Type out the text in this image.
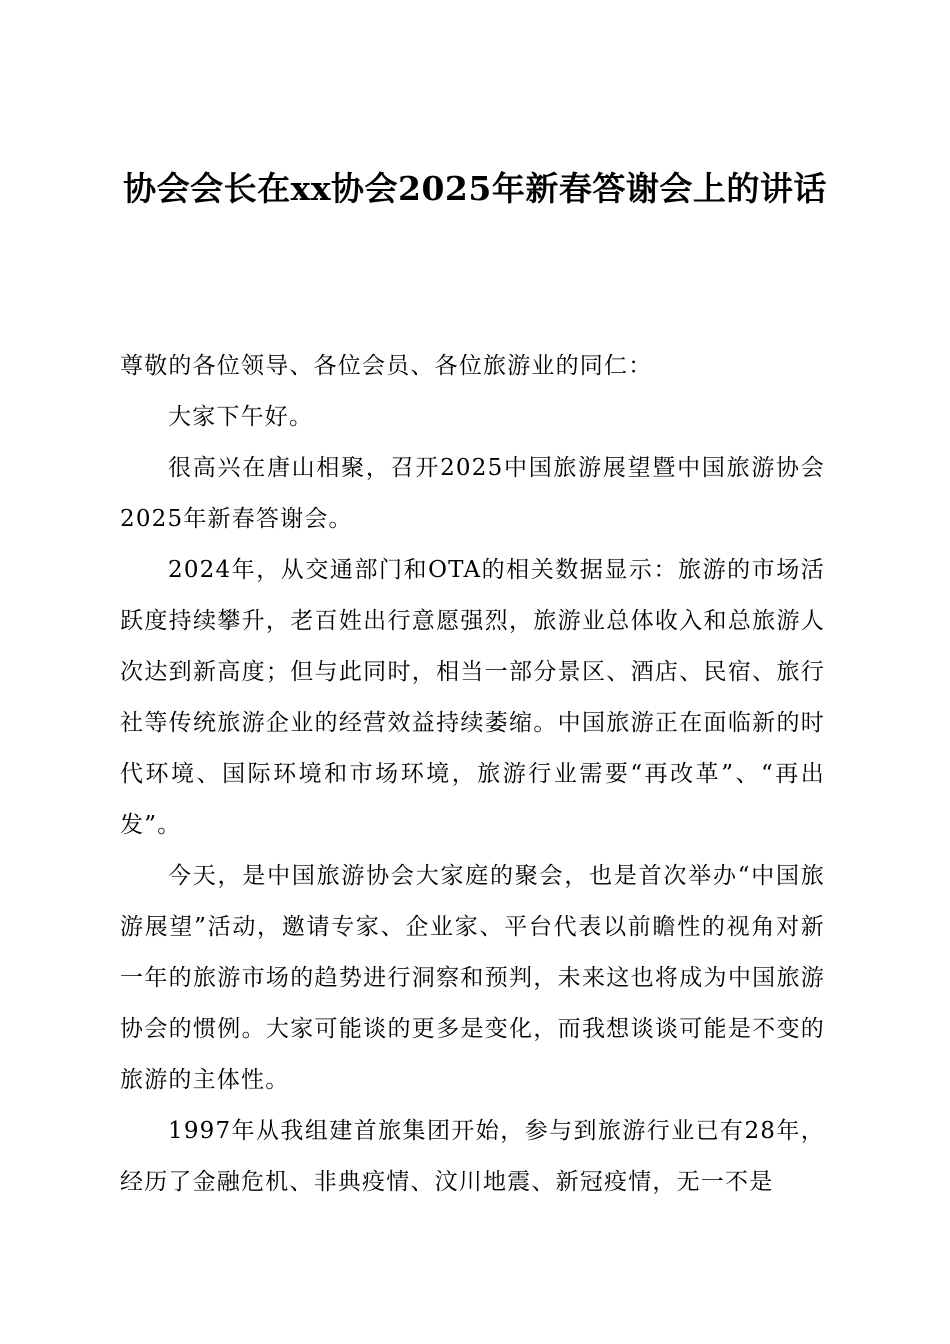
协会会长在xx协会2025年新春答谢会上的讲话

尊敬的各位领导、各位会员、各位旅游业的同仁：

大家下午好。

很高兴在唐山相聚，召开2025中国旅游展望暨中国旅游协会2025年新春答谢会。

2024年，从交通部门和OTA的相关数据显示：旅游的市场活跃度持续攀升，老百姓出行意愿强烈，旅游业总体收入和总旅游人次达到新高度；但与此同时，相当一部分景区、酒店、民宿、旅行社等传统旅游企业的经营效益持续萎缩。中国旅游正在面临新的时代环境、国际环境和市场环境，旅游行业需要“再改革”、“再出发”。

今天，是中国旅游协会大家庭的聚会，也是首次举办“中国旅游展望”活动，邀请专家、企业家、平台代表以前瞻性的视角对新一年的旅游市场的趋势进行洞察和预判，未来这也将成为中国旅游协会的惯例。大家可能谈的更多是变化，而我想谈谈可能是不变的旅游的主体性。

1997年从我组建首旅集团开始，参与到旅游行业已有28年，经历了金融危机、非典疫情、汶川地震、新冠疫情，无一不是
